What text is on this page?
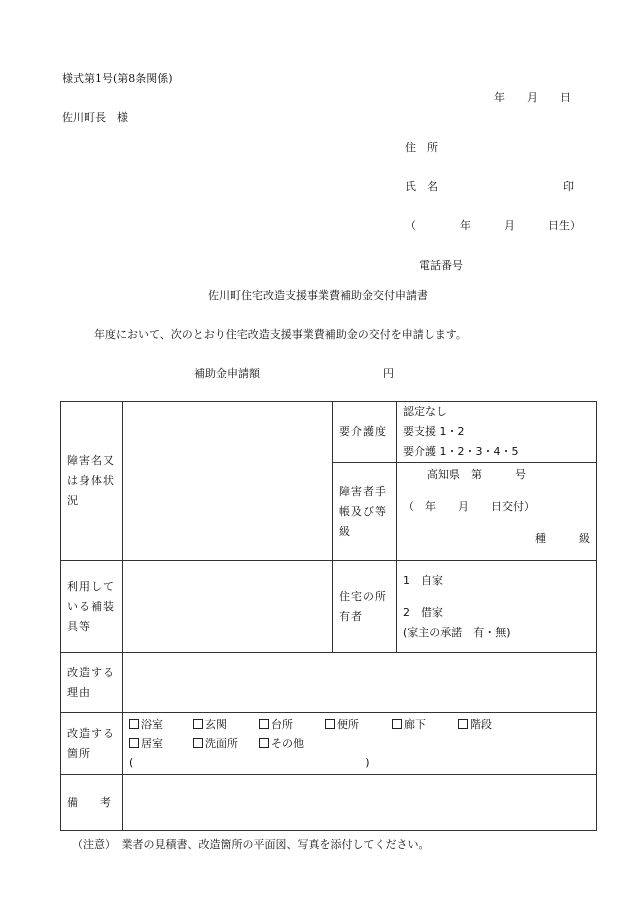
様式第1号(第8条関係)
年　　月　　日
佐川町長　様
住　所
氏　名	印
（　　　　年　　　月　　　日生）
電話番号
佐川町住宅改造支援事業費補助金交付申請書
年度において、次のとおり住宅改造支援事業費補助金の交付を申請します。
補助金申請額	円
障害名又は身体状況		要介護度	認定なし
要支援 1・2
要介護 1・2・3・4・5

		障害者手帳及び等級	高知県　第　　　号
（　年　　月　　日交付）
種　　　級

利用している補装具等		住宅の所有者	1　自家
2　借家
(家主の承諾　有・無)

改造する理由			
改造する箇所	浴室 玄関 台所 便所 廊下 階段
居室 洗面所 その他
( )		

備　　考			
（注意）　業者の見積書、改造箇所の平面図、写真を添付してください。
